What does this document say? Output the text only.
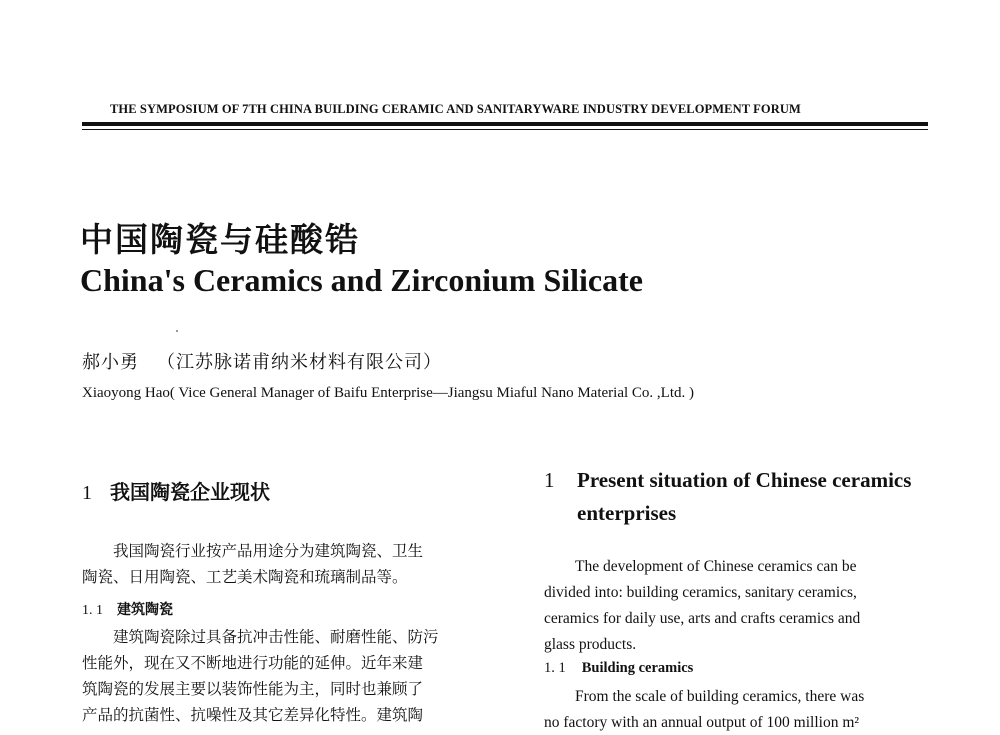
THE SYMPOSIUM OF 7TH CHINA BUILDING CERAMIC AND SANITARYWARE INDUSTRY DEVELOPMENT FORUM
中国陶瓷与硅酸锆
China's Ceramics and Zirconium Silicate
郝小勇 （江苏脉诺甫纳米材料有限公司）
Xiaoyong Hao( Vice General Manager of Baifu Enterprise—Jiangsu Miaful Nano Material Co. ,Ltd. )
1 我国陶瓷企业现状

我国陶瓷行业按产品用途分为建筑陶瓷、卫生

陶瓷、日用陶瓷、工艺美术陶瓷和琉璃制品等。

1. 1 建筑陶瓷

建筑陶瓷除过具备抗冲击性能、耐磨性能、防污

性能外，现在又不断地进行功能的延伸。近年来建

筑陶瓷的发展主要以装饰性能为主，同时也兼顾了

产品的抗菌性、抗噪性及其它差异化特性。建筑陶

1 Present situation of Chinese ceramics enterprises

The development of Chinese ceramics can be

divided into: building ceramics, sanitary ceramics,

ceramics for daily use, arts and crafts ceramics and

glass products.

1. 1 Building ceramics

From the scale of building ceramics, there was

no factory with an annual output of 100 million m²
